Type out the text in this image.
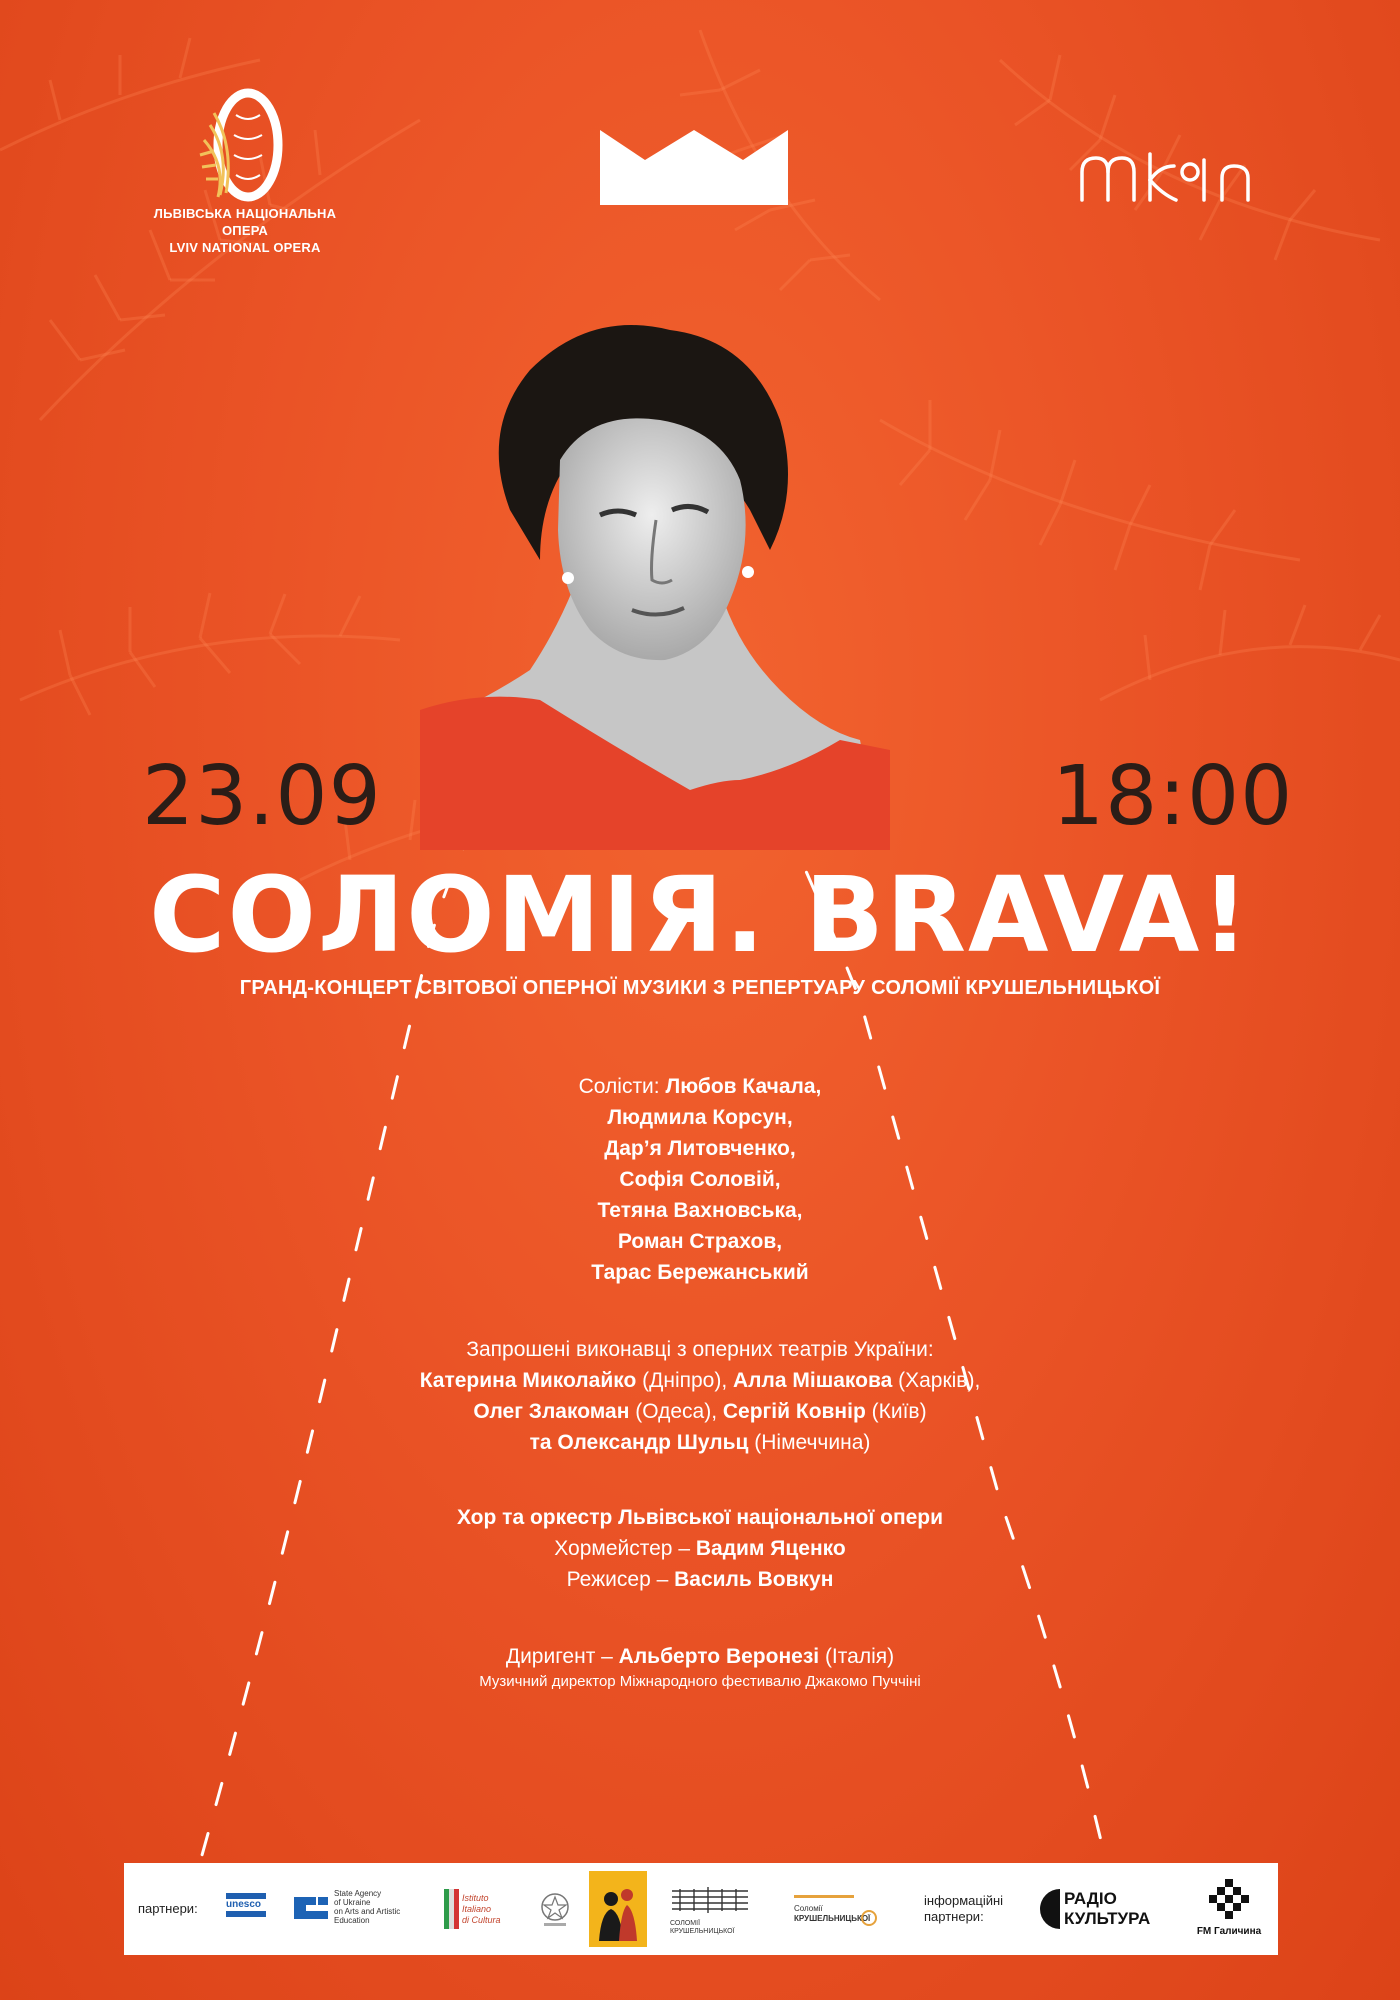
ЛЬВІВСЬКА НАЦІОНАЛЬНА ОПЕРА
LVIV NATIONAL OPERA
23.09	18:00
СОЛОМІЯ. BRAVA!
ГРАНД-КОНЦЕРТ СВІТОВОЇ ОПЕРНОЇ МУЗИКИ З РЕПЕРТУАРУ СОЛОМІЇ КРУШЕЛЬНИЦЬКОЇ
Солісти: Любов Качала,
Людмила Корсун,
Дар’я Литовченко,
Софія Соловій,
Тетяна Вахновська,
Роман Страхов,
Тарас Бережанський
Запрошені виконавці з оперних театрів України:
Катерина Миколайко (Дніпро), Алла Мішакова (Харків),
Олег Злакоман (Одеса), Сергій Ковнір (Київ)
та Олександр Шульц (Німеччина)
Хор та оркестр Львівської національної опери
Хормейстер – Вадим Яценко
Режисер – Василь Вовкун
Диригент – Альберто Веронезі (Італія)
Музичний директор Міжнародного фестивалю Джакомо Пуччіні
партнери:	unesco
State Agency
of Ukraine
on Arts and Artistic
Education
Istituto
Italiano
di Cultura	СОЛОМІЇ
КРУШЕЛЬНИЦЬКОЇ
Соломії
КРУШЕЛЬНИЦЬКОЇ
інформаційні
партнери:
РАДІО
КУЛЬТУРА
FM Галичина
